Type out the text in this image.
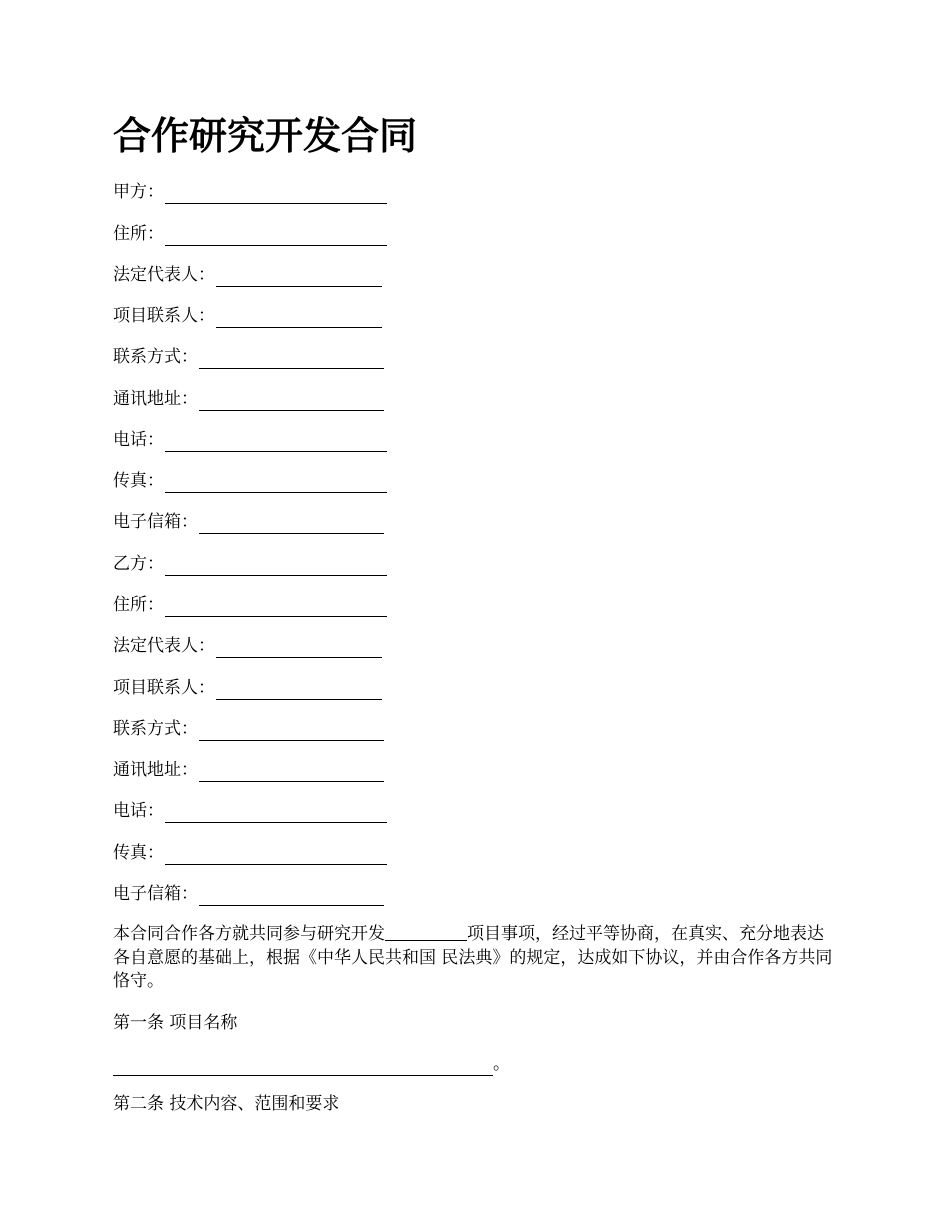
合作研究开发合同
甲方：
住所：
法定代表人：
项目联系人：
联系方式：
通讯地址：
电话：
传真：
电子信箱：
乙方：
住所：
法定代表人：
项目联系人：
联系方式：
通讯地址：
电话：
传真：
电子信箱：
本合同合作各方就共同参与研究开发	项目事项，经过平等协商，在真实、充分地表达各自意愿的基础上，根据《中华人民共和国 民法典》的规定，达成如下协议，并由合作各方共同恪守。
第一条 项目名称
。
第二条 技术内容、范围和要求
